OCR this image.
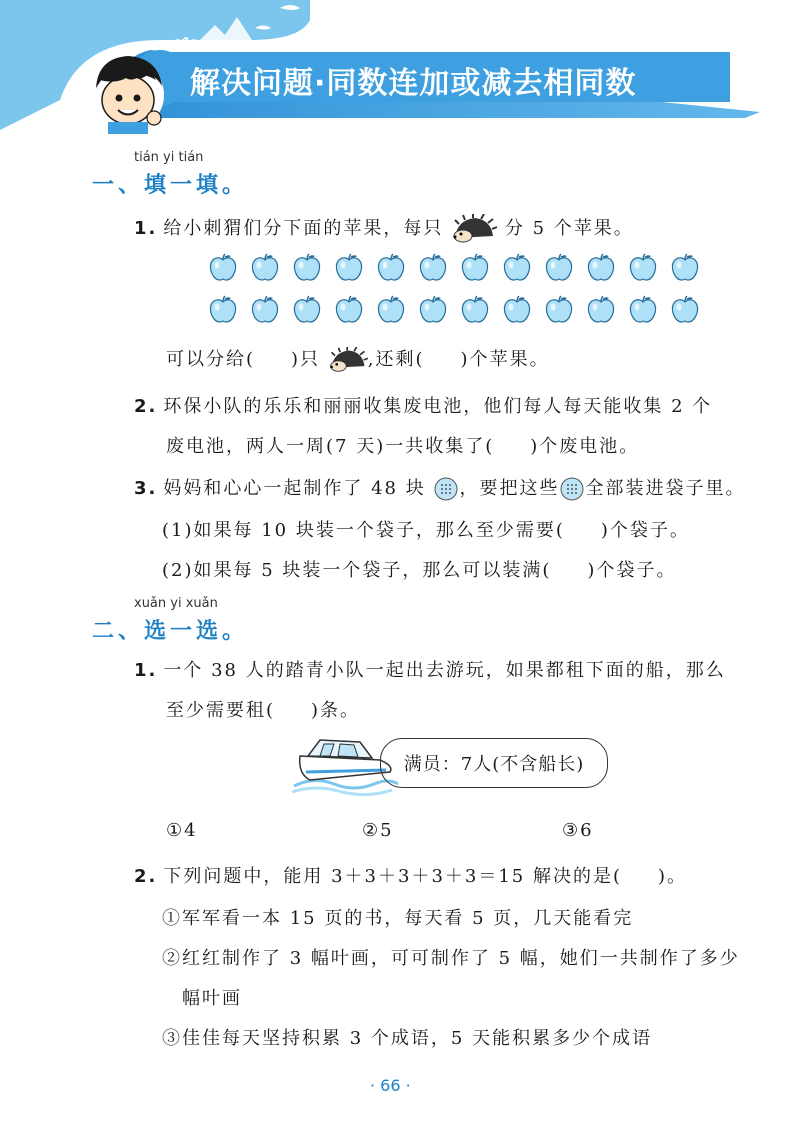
解决问题·同数连加或减去相同数
tián yi tián
一、填一填。
1. 给小刺猬们分下面的苹果，每只	分 5 个苹果。
可以分给( )只	,还剩( )个苹果。
2. 环保小队的乐乐和丽丽收集废电池，他们每人每天能收集 2 个
废电池，两人一周(7 天)一共收集了( )个废电池。
3. 妈妈和心心一起制作了 48 块 ，要把这些 全部装进袋子里。
(1)如果每 10 块装一个袋子，那么至少需要( )个袋子。
(2)如果每 5 块装一个袋子，那么可以装满( )个袋子。
xuǎn yi xuǎn
二、选一选。
1. 一个 38 人的踏青小队一起出去游玩，如果都租下面的船，那么
至少需要租( )条。
满员：7人(不含船长)
①4	②5	③6
2. 下列问题中，能用 3＋3＋3＋3＋3＝15 解决的是( )。
①军军看一本 15 页的书，每天看 5 页，几天能看完
②红红制作了 3 幅叶画，可可制作了 5 幅，她们一共制作了多少
幅叶画
③佳佳每天坚持积累 3 个成语，5 天能积累多少个成语
· 66 ·
